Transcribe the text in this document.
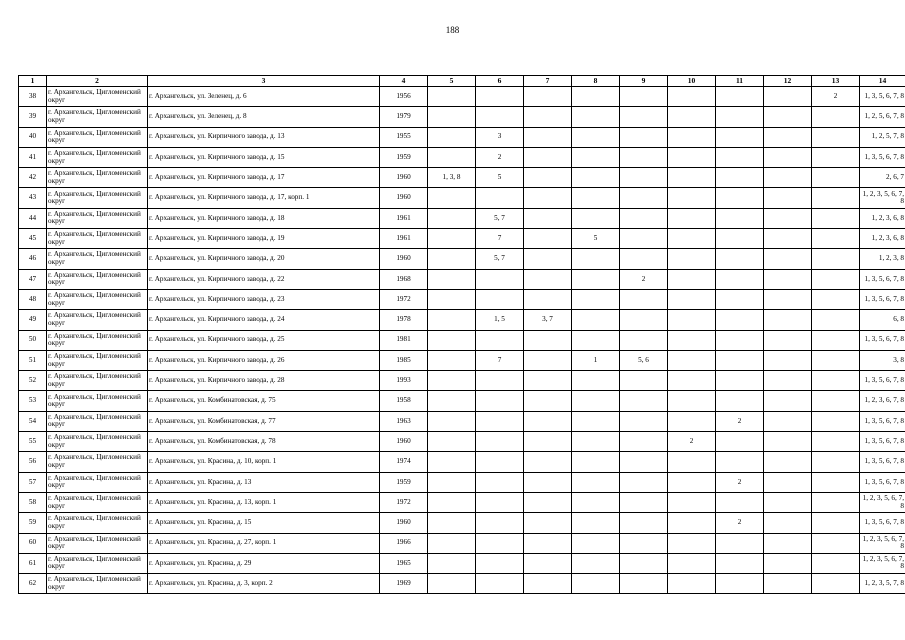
188
1	2	3	4	5	6	7	8	9	10	11	12	13	14
38	г. Архангельск, Цигломенский округ	г. Архангельск, ул. Зеленец, д. 6	1956									2	1, 3, 5, 6, 7, 8
39	г. Архангельск, Цигломенский округ	г. Архангельск, ул. Зеленец, д. 8	1979										1, 2, 5, 6, 7, 8
40	г. Архангельск, Цигломенский округ	г. Архангельск, ул. Кирпичного завода, д. 13	1955		3								1, 2, 5, 7, 8
41	г. Архангельск, Цигломенский округ	г. Архангельск, ул. Кирпичного завода, д. 15	1959		2								1, 3, 5, 6, 7, 8
42	г. Архангельск, Цигломенский округ	г. Архангельск, ул. Кирпичного завода, д. 17	1960	1, 3, 8	5								2, 6, 7
43	г. Архангельск, Цигломенский округ	г. Архангельск, ул. Кирпичного завода, д. 17, корп. 1	1960										1, 2, 3, 5, 6, 7, 8
44	г. Архангельск, Цигломенский округ	г. Архангельск, ул. Кирпичного завода, д. 18	1961		5, 7								1, 2, 3, 6, 8
45	г. Архангельск, Цигломенский округ	г. Архангельск, ул. Кирпичного завода, д. 19	1961		7		5						1, 2, 3, 6, 8
46	г. Архангельск, Цигломенский округ	г. Архангельск, ул. Кирпичного завода, д. 20	1960		5, 7								1, 2, 3, 8
47	г. Архангельск, Цигломенский округ	г. Архангельск, ул. Кирпичного завода, д. 22	1968					2					1, 3, 5, 6, 7, 8
48	г. Архангельск, Цигломенский округ	г. Архангельск, ул. Кирпичного завода, д. 23	1972										1, 3, 5, 6, 7, 8
49	г. Архангельск, Цигломенский округ	г. Архангельск, ул. Кирпичного завода, д. 24	1978		1, 5	3, 7							6, 8
50	г. Архангельск, Цигломенский округ	г. Архангельск, ул. Кирпичного завода, д. 25	1981										1, 3, 5, 6, 7, 8
51	г. Архангельск, Цигломенский округ	г. Архангельск, ул. Кирпичного завода, д. 26	1985		7		1	5, 6					3, 8
52	г. Архангельск, Цигломенский округ	г. Архангельск, ул. Кирпичного завода, д. 28	1993										1, 3, 5, 6, 7, 8
53	г. Архангельск, Цигломенский округ	г. Архангельск, ул. Комбинатовская, д. 75	1958										1, 2, 3, 6, 7, 8
54	г. Архангельск, Цигломенский округ	г. Архангельск, ул. Комбинатовская, д. 77	1963							2			1, 3, 5, 6, 7, 8
55	г. Архангельск, Цигломенский округ	г. Архангельск, ул. Комбинатовская, д. 78	1960						2				1, 3, 5, 6, 7, 8
56	г. Архангельск, Цигломенский округ	г. Архангельск, ул. Красина, д. 10, корп. 1	1974										1, 3, 5, 6, 7, 8
57	г. Архангельск, Цигломенский округ	г. Архангельск, ул. Красина, д. 13	1959							2			1, 3, 5, 6, 7, 8
58	г. Архангельск, Цигломенский округ	г. Архангельск, ул. Красина, д. 13, корп. 1	1972										1, 2, 3, 5, 6, 7, 8
59	г. Архангельск, Цигломенский округ	г. Архангельск, ул. Красина, д. 15	1960							2			1, 3, 5, 6, 7, 8
60	г. Архангельск, Цигломенский округ	г. Архангельск, ул. Красина, д. 27, корп. 1	1966										1, 2, 3, 5, 6, 7, 8
61	г. Архангельск, Цигломенский округ	г. Архангельск, ул. Красина, д. 29	1965										1, 2, 3, 5, 6, 7, 8
62	г. Архангельск, Цигломенский округ	г. Архангельск, ул. Красина, д. 3, корп. 2	1969										1, 2, 3, 5, 7, 8
